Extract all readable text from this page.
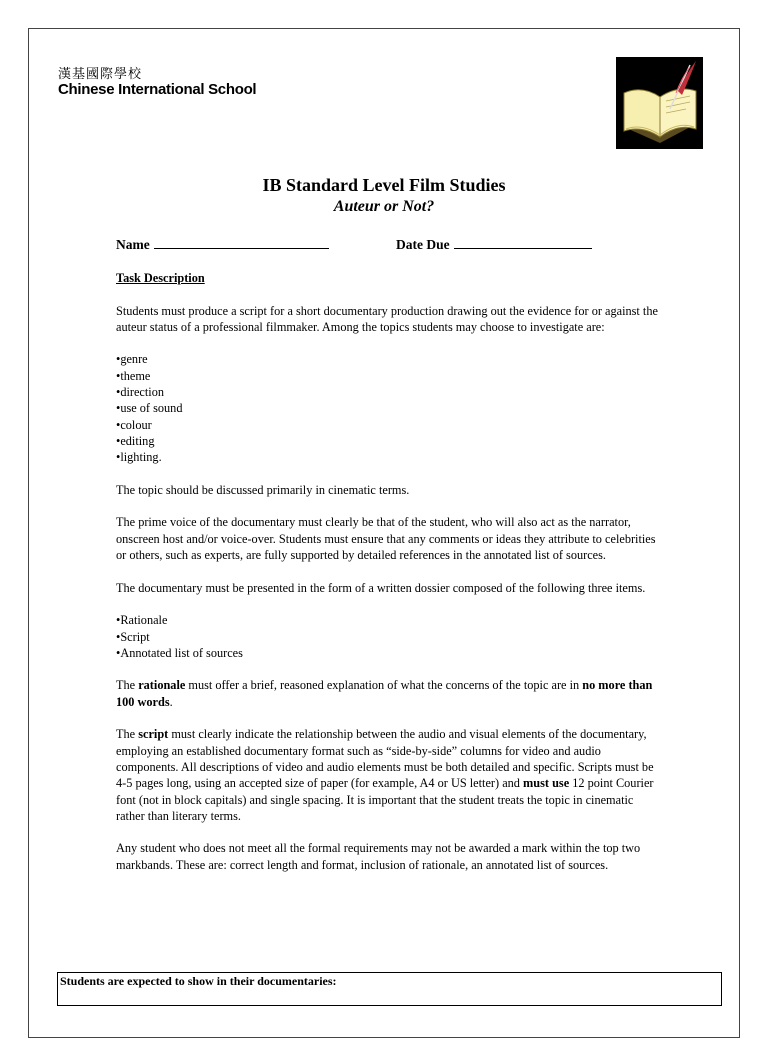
漢基國際學校
Chinese International School
IB Standard Level Film Studies
Auteur or Not?
Name	Date Due

Task Description

Students must produce a script for a short documentary production drawing out the evidence for or against the auteur status of a professional filmmaker. Among the topics students may choose to investigate are:

• genre
• theme
• direction
• use of sound
• colour
• editing
• lighting.

The topic should be discussed primarily in cinematic terms.

The prime voice of the documentary must clearly be that of the student, who will also act as the narrator, onscreen host and/or voice-over. Students must ensure that any comments or ideas they attribute to celebrities or others, such as experts, are fully supported by detailed references in the annotated list of sources.

The documentary must be presented in the form of a written dossier composed of the following three items.

• Rationale
• Script
• Annotated list of sources

The rationale must offer a brief, reasoned explanation of what the concerns of the topic are in no more than 100 words.

The script must clearly indicate the relationship between the audio and visual elements of the documentary, employing an established documentary format such as “side-by-side” columns for video and audio components. All descriptions of video and audio elements must be both detailed and specific. Scripts must be 4-5 pages long, using an accepted size of paper (for example, A4 or US letter) and must use 12 point Courier font (not in block capitals) and single spacing. It is important that the student treats the topic in cinematic rather than literary terms.

Any student who does not meet all the formal requirements may not be awarded a mark within the top two markbands. These are: correct length and format, inclusion of rationale, an annotated list of sources.

Students are expected to show in their documentaries:
